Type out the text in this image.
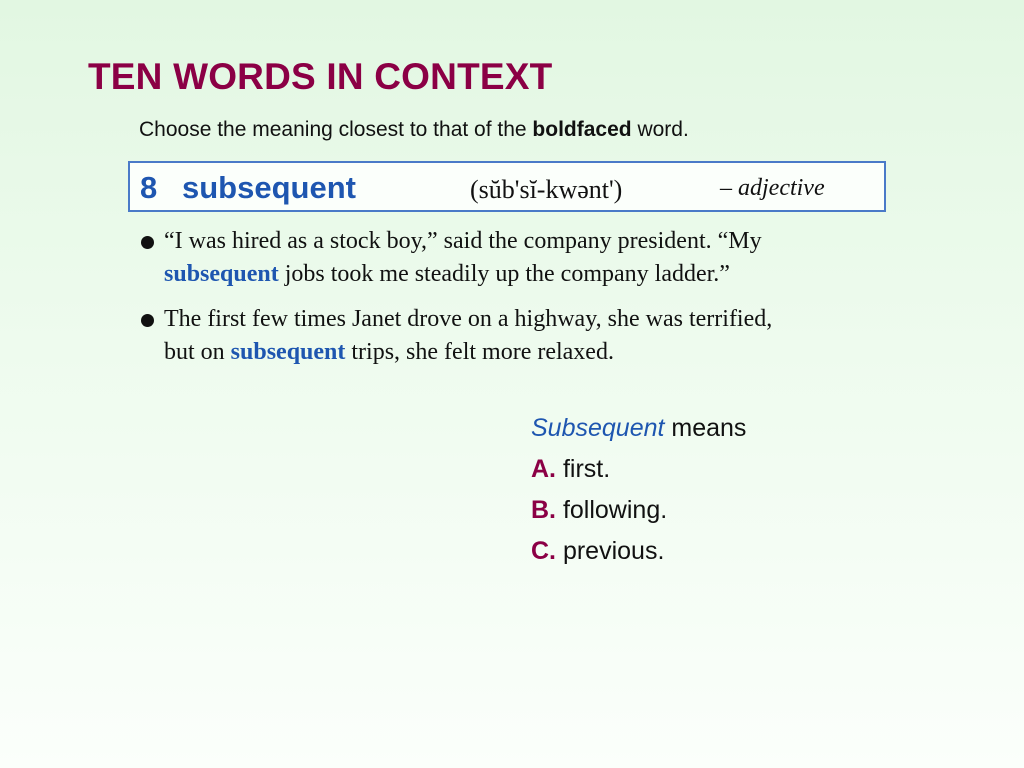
TEN WORDS IN CONTEXT
Choose the meaning closest to that of the boldfaced word.
8 subsequent	(sŭb'sĭ-kwənt')	– adjective
“I was hired as a stock boy,” said the company president. “My
subsequent jobs took me steadily up the company ladder.”
The first few times Janet drove on a highway, she was terrified,
but on subsequent trips, she felt more relaxed.
Subsequent means
A. first.
B. following.
C. previous.
